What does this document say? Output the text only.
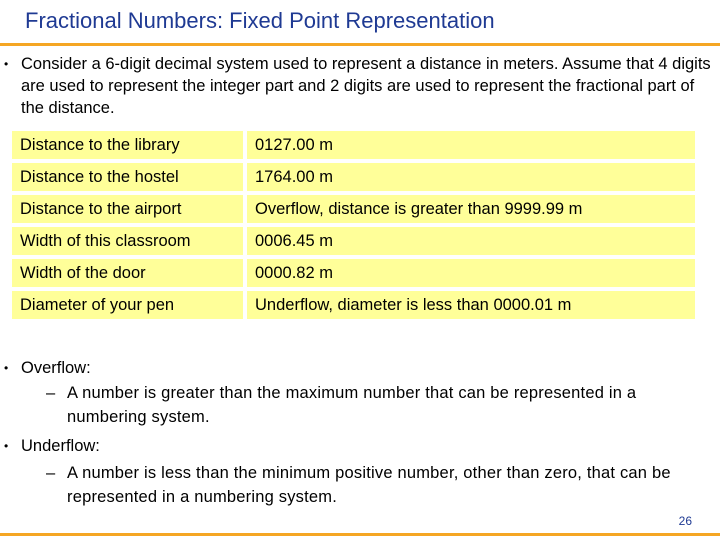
Fractional Numbers: Fixed Point Representation
• Consider a 6-digit decimal system used to represent a distance in meters. Assume that 4 digits are used to represent the integer part and 2 digits are used to represent the fractional part of the distance.
Distance to the library	0127.00 m
Distance to the hostel	1764.00 m
Distance to the airport	Overflow, distance is greater than 9999.99 m
Width of this classroom	0006.45 m
Width of the door	0000.82 m
Diameter of your pen	Underflow, diameter is less than 0000.01 m
• Overflow:
– A number is greater than the maximum number that can be represented in a numbering system.
• Underflow:
– A number is less than the minimum positive number, other than zero, that can be represented in a numbering system.
26
